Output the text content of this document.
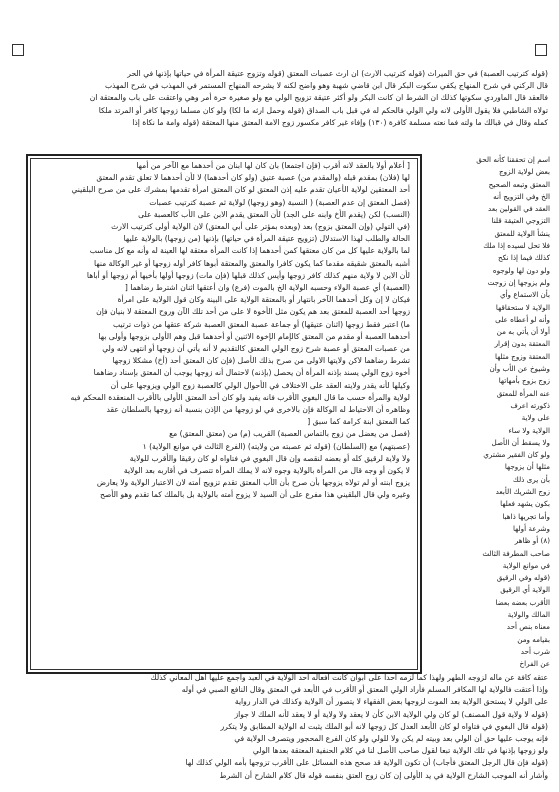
(قوله كترتيب العصبة) في حق الميراث (قوله كترتيب الارث) ان ارث عصبات المعتق (قوله وتزوج عتيقة المرأة في حياتها بإذنها في الحر
قال الركني في شرح المنهاج يكفي سكوت البكر قال ابن قاضي شهبة وهو واضح لكنه لا يشرحه المنهاج المستمر في المهذب في شرح المهذب
فالعقد قال الماوردي سكوتها كذلك ان الشرط ان كانت البكر ولو أكثر عتيقة تزويج الولي مع ولو صغيرة حرة أمر وهي واعتقت على باب والمعتقة ان
تولاه الشاطبي فلا يقول الأولى لانه ولي الولي فالحكم له في قبل باب الصداق (قوله وحمل ارثه ما لكا) ولو كان مسلما زوجها كافر أو المرتد ملكا
كمله وقال في قبالك ما ولته فما نعته مسلمة كافرة (١٣٠) وإفاء غير كافر مكسور زوج الامة المعتق منها المعتقة (قوله وامة ما نكاة إذا
[ أعلام أولا بالعقد لانه أقرب (فإن اجتمعا) بان كان لها ابنان من أحدهما مع الآخر من أمها
لها (فلان) بمقدم قبله (والمقدم من) عصبة عتيق (ولو كان أحدهما) لا لأن أحدهما لا تعلق تقدم المعتق
أحد المعتقين لولاية الأعيان تقدم عليه إذن المعتق لو كان المعتق امرأة تقدمها بمشرك على من صرح البلقيني
(فصل المعتق إن عدم العصبة) ( النسبة (وهو زوجها) لولاية ثم عصبة كترتيب عصبات
(النسب) لكن (يقدم الأخ وابنه على الجد) لأن المعتق يقدم الابن على الأب كالعصبة على
(في التولي (وإن المعتق بزوج) بعد (وبعده بمؤتر على أبي المعتق) لان الولاية أولى كترتيب الارث
الحالة والطلب لهذا الاستدلال (تزويج عتيقة المرأة في حياتها) بإذنها (من زوجها) بالولاية عليها
لما بالولاية عليها كل من كان معتقها كمن أحدهما إذا كانت المرأة معتقة لها العينة له وأنه مع كل مناسب
أشبه بالمعتق شقيقه مقدما كما يكون كافرا والمعتق والمعتقة أبوها كافر أوله زوجها أو غير الوكالة منها
لأن الابن لا ولاية منهم كذلك كافر زوجها وأيس كذلك قبلها (فإن مات) زوجها أولها بأخيها أم زوجها أو أباها
(العصبة) أي عصبة الولاء وحسبه الولاية الخ بالموت (فرع) وان أعتقها اثنان اشترط رضاهما [
فيكان لا إن وكل أحدهما الآخر بانتهار أو بالمعتقة الولاية على البينة وكان قول الولاية على امرأة
زوجها أحد العصبة للمعتق بعد هم يكون مثل الأخوة لا على من أحد تلك الآن وروح المعتقة لا بنيان فإن
ما) اعتبر فقط زوجها (اثنان عتيقها) أو جماعة عصبة المعتق العصبة شركة عتقها من ذوات ترتيب
أحدهما العصبة أو مقدم من المعتق كالإمام الإخوة الاثنين أو أحدهما قبل وهم الأولى بزوجها وأولى بها
من عصبات المعتق أو عصبة شرح زوج الولي المعتق كالتقديم لا أنه يأتي أن زوجها أو انتهى لانه ولي
تشرط رضاهما لاكن ولايتها الاولى من صرح بذلك الأصل (فإن كان المعتق أحد (أخ) مشكلا زوجها
أخوه زوج الولي يسند بإذنه المرأة أن يحصل (بإذنه) لاحتمال أنه زوجها يوجب أن المعتق بإسناد رضاهما
وكيلها لأنه يقدر ولايته العقد على الاختلاف في الأحوال الولي كالعصبة زوج الولي ويزوجها على أن
لولاية والمرأة حسب ما قال البغوي الأقرب فانه يفيد ولو كان أحد المعتق الأولى بالأقرب المنعقدة المحكم فيه
وظاهره أن الاحتياط له الوكالة فإن بالاخرى في لو زوجها من الإذن بنسبة أنه زوجها بالسلطان عقد
كما المعتق ابنة كرامة كما سبق [
(فصل من يعضل من زوج بالتماس العصبة) القريب (م) من (معتق المعتق) مع
(عصبتهم) مع (السلطان) (قوله ثم عصبته من ولايته) (الفرع الثالث في موانع الولاية) ١
ولا ولاية لرقيق كله أو بعضه لنقصه وإن قال البغوي في فتاواه لو كان رقيقا والأقرب للولاية
لا يكون أو وجه قال من المرأة بالولاية وجوه لانه لا يملك المرأة تتصرف في أقاربه بعد الولاية
يزوج ابنته أو لم تولاه يزوجها بأن صرح بأن الأب المعتق تقدم تزويج أمته لان الاعتبار الولاية ولا يعارض
وغيره ولي قال البلقيني هذا مفرع على أن السيد لا يزوج أمته بالولاية بل بالملك كما تقدم وهو الأصح
اسم إن تحققنا كأنه الحق
بعض لولاية الزوج
المعتق وتبعه الصحيح
الخ وفي التزويج أنه
العقد في القولين بعد
التزوجي العتيقة قلنا
ينشأ الولاية للمعتق
فلا تحل لسيده إذا ملك
كذلك فيما إذا نكح
ولو دون لها ولوجوه
ولم يزوجها إن زوجت
بأن الاستماع وأي
الولاية لا ستحقاقها
وأنه لو أعطاه على
أولا أن يأتي به من
المعتقة بدون إقرار
المعتقة وزوج مثلها
وشيوخ عن الأب وأن
زوج بزوج بأمهاتها
عنه المرأة للمعتق
ذكورته اعرف
على ولاية
الولاية ولا ساء
ولا يسقط أن الأصل
ولو كان الفقير مشتري
مثلها أن يزوجها
بأن يرى ذلك
زوج الشريك الأبعد
بكون يشهد فعلها
وأما تجريها ذاهبا
وشرعة أولها
(٨) أو ظاهر
صاحب المطرفة الثالث
في موانع الولاية
(قوله وفي الرقيق
الولاية أي الرقيق
الأقرب بعضه بعضا
المالك والولاية
معناه بنص أحد
بقيامه ومن
شرب أحد
عن الفراخ
عتقه كافة عن ماله لزوجه الطهر ولهذا كما لزمه أحدا على أبوان كانت أفعاله أحد الولاية في العبد وأجمع عليها أهل المعاني كذلك
وإذا أعتقت فالولاية لها المكافر المسلم فأراد الولي المعتق أو الأقرب في الأبعد في المعتق وقال النافع الصبي في أوله
على الولي لا يستحق الولاية بعد الموت لزوجها بعض الفقهاء لا يتصور أن الولاية وكذلك في الدار رواية
(قوله لا ولاية قول المصنف) لو كان ولي الولاية الابن كأن لا يعقد ولا ولاية أو لا يعقد لأنه الملك لا جواز
(قوله قال البغوي في فتاواه لو كان الأبعد العدل كل زوجها لانه أبو الملك يثبت له الولاية المطابق ولا يتكرر
فإنه يوجب عليها حق أن الولي بعد وبيته لم يكن ولا للولي ولو كان الفرع المحجور ويتصرف الولاية في
ولو زوجها بإذنها في تلك الولاية تبعا لقول صاحب الأصل لنا في كلام الحنفية المعتقة بعدها الولي
(قوله فإن قال الرجل المعتق فأجاب) أن تكون الولاية قد صحح هذه المسائل على الأقرب تزوجها بأمه الولي كذلك لها
وأشار أنه الموجب الشارح الولاية في يد الأولى إن كان زوج العتق بنفسه قوله قال كلام الشارح أن الشرط
